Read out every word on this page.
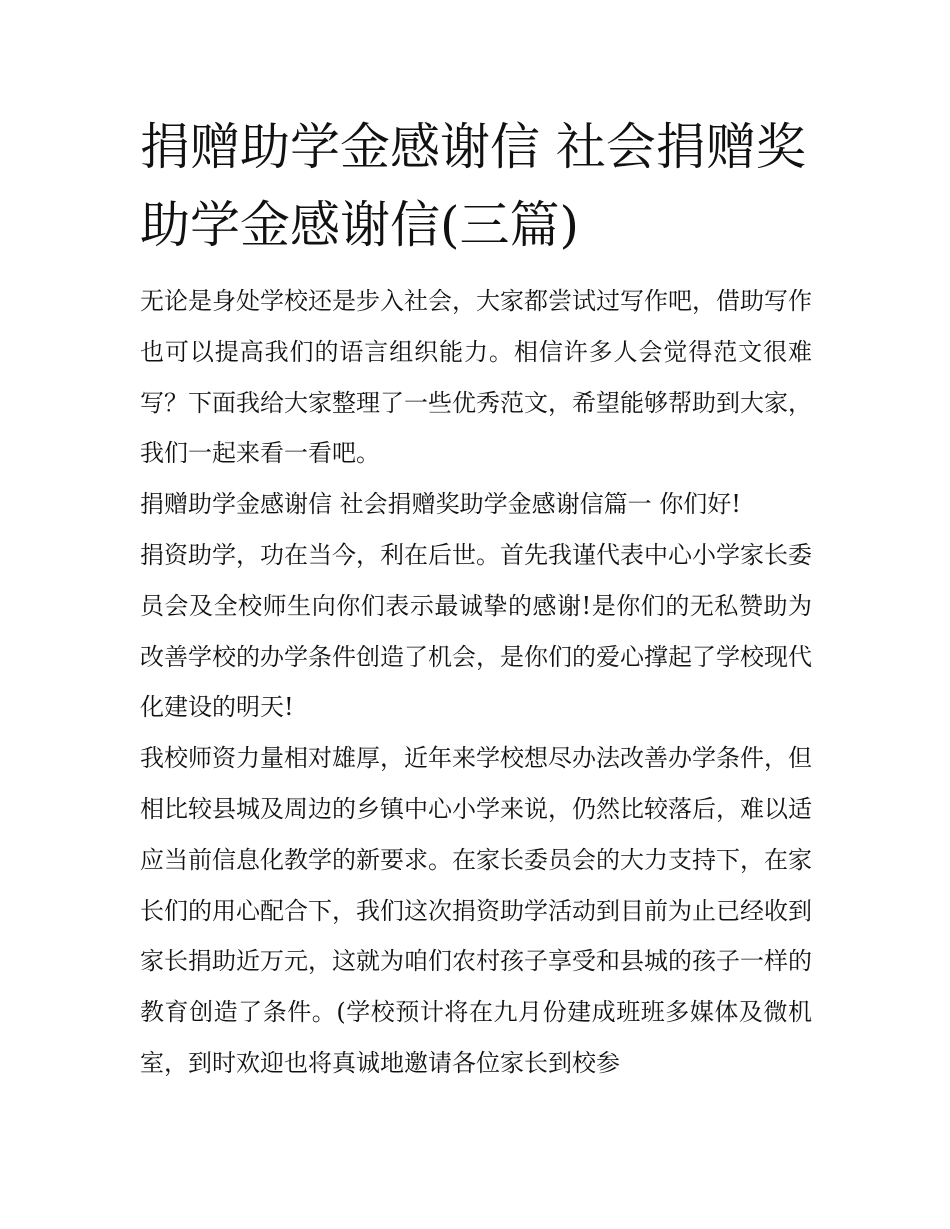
捐赠助学金感谢信 社会捐赠奖助学金感谢信(三篇)

无论是身处学校还是步入社会，大家都尝试过写作吧，借助写作也可以提高我们的语言组织能力。相信许多人会觉得范文很难写？下面我给大家整理了一些优秀范文，希望能够帮助到大家，我们一起来看一看吧。

捐赠助学金感谢信 社会捐赠奖助学金感谢信篇一 你们好!

捐资助学，功在当今，利在后世。首先我谨代表中心小学家长委员会及全校师生向你们表示最诚挚的感谢!是你们的无私赞助为改善学校的办学条件创造了机会，是你们的爱心撑起了学校现代化建设的明天!

我校师资力量相对雄厚，近年来学校想尽办法改善办学条件，但相比较县城及周边的乡镇中心小学来说，仍然比较落后，难以适应当前信息化教学的新要求。在家长委员会的大力支持下，在家长们的用心配合下，我们这次捐资助学活动到目前为止已经收到家长捐助近万元，这就为咱们农村孩子享受和县城的孩子一样的教育创造了条件。(学校预计将在九月份建成班班多媒体及微机室，到时欢迎也将真诚地邀请各位家长到校参
